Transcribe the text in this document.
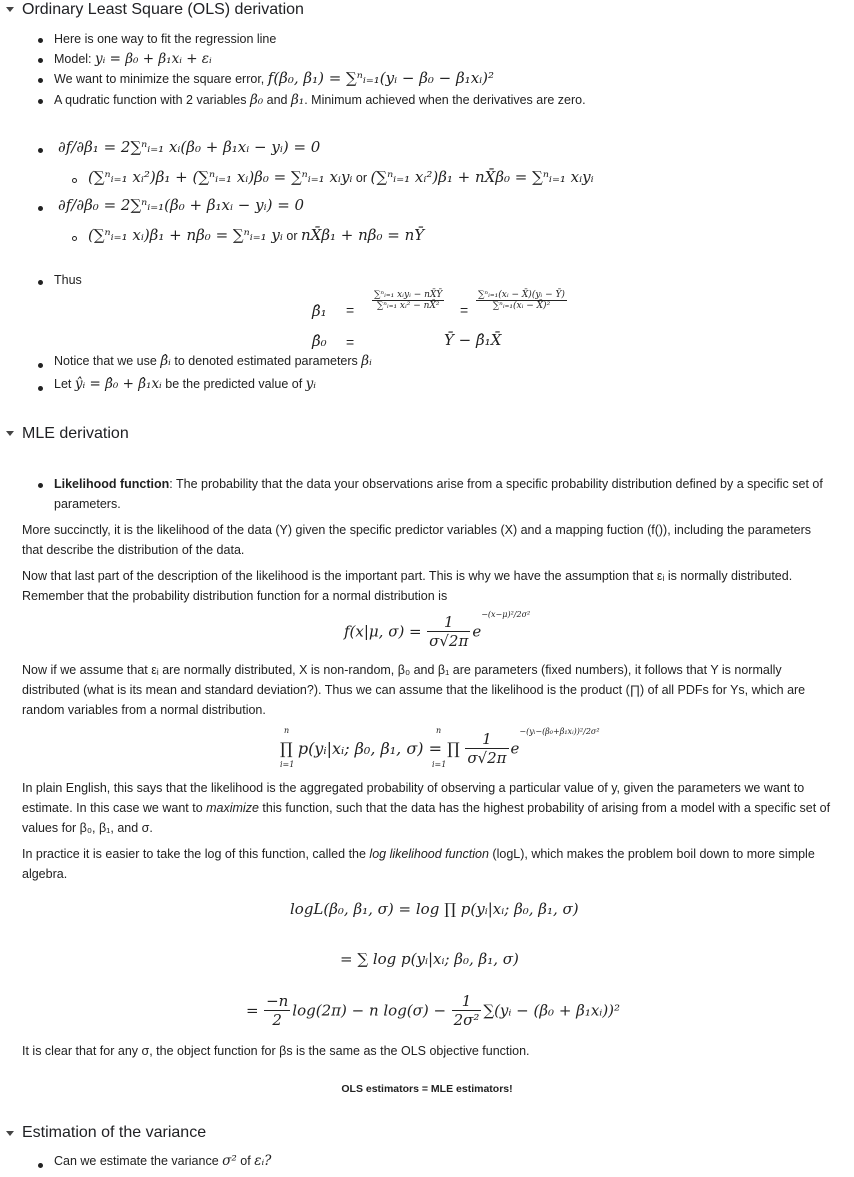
Ordinary Least Square (OLS) derivation
Here is one way to fit the regression line
Model: yᵢ = β₀ + β₁xᵢ + εᵢ
We want to minimize the square error, f(β₀, β₁) = ∑ⁿᵢ₌₁(yᵢ − β₀ − β₁xᵢ)²
A qudratic function with 2 variables β₀ and β₁. Minimum achieved when the derivatives are zero.
∂f/∂β₁ = 2∑ⁿᵢ₌₁ xᵢ(β₀ + β₁xᵢ − yᵢ) = 0
(∑ⁿᵢ₌₁ xᵢ²)β₁ + (∑ⁿᵢ₌₁ xᵢ)β₀ = ∑ⁿᵢ₌₁ xᵢyᵢ or (∑ⁿᵢ₌₁ xᵢ²)β₁ + nX̄β₀ = ∑ⁿᵢ₌₁ xᵢyᵢ
∂f/∂β₀ = 2∑ⁿᵢ₌₁(β₀ + β₁xᵢ − yᵢ) = 0
(∑ⁿᵢ₌₁ xᵢ)β₁ + nβ₀ = ∑ⁿᵢ₌₁ yᵢ or nX̄β₁ + nβ₀ = nȲ
Thus
β̂₁ = $\frac{\text{∑ⁿᵢ₌₁ xᵢyᵢ − nX̄Ȳ}}{\text{∑ⁿᵢ₌₁ xᵢ² − nX̄²}} = \frac{\text{∑ⁿᵢ₌₁(xᵢ − X̄)(yᵢ − Ȳ)}}{\text{∑ⁿᵢ₌₁(xᵢ − X̄)²}}$
β̂₀ =	Ȳ − β̂₁X̄
Notice that we use β̂ᵢ to denoted estimated parameters βᵢ
Let ŷᵢ = β̂₀ + β̂₁xᵢ be the predicted value of yᵢ
MLE derivation
Likelihood function: The probability that the data your observations arise from a specific probability distribution defined by a specific set of parameters.
More succinctly, it is the likelihood of the data (Y) given the specific predictor variables (X) and a mapping fuction (f()), including the parameters that describe the distribution of the data.
Now that last part of the description of the likelihood is the important part. This is why we have the assumption that εᵢ is normally distributed. Remember that the probability distribution function for a normal distribution is
f(x|μ, $\sigma) = \frac{1}{\sigma√2\pi} e^{-(x-\mu)^2/2\sigma^2}$
Now if we assume that εᵢ are normally distributed, X is non-random, β₀ and β₁ are parameters (fixed numbers), it follows that Y is normally distributed (what is its mean and standard deviation?). Thus we can assume that the likelihood is the product (∏) of all PDFs for Ys, which are random variables from a normal distribution.
∏ p(yᵢ|xᵢ; β₀, β₁, σ) = ∏ $\frac{1}{\sigma√2\pi} e^{-(yᵢ-(\beta_0+\beta_1xᵢ))^2/2\sigma^2}$
n
i=1
n
i=1
In plain English, this says that the likelihood is the aggregated probability of observing a particular value of y, given the parameters we want to estimate. In this case we want to maximize this function, such that the data has the highest probability of arising from a model with a specific set of values for β₀, β₁, and σ.
In practice it is easier to take the log of this function, called the log likelihood function (logL), which makes the problem boil down to more simple algebra.
logL(β₀, β₁, σ) = log ∏ p(yᵢ|xᵢ; β₀, β₁, σ)
= ∑ log p(yᵢ|xᵢ; β₀, β₁, σ)
= $\frac{-n}{2} \log(2\pi) - n$ $\log(\sigma) - \frac{1}{\text{2σ²}}$ ∑(yᵢ − (β₀ + β₁xᵢ))²
It is clear that for any σ, the object function for βs is the same as the OLS objective function.
OLS estimators = MLE estimators!
Estimation of the variance
Can we estimate the variance σ² of εᵢ?
